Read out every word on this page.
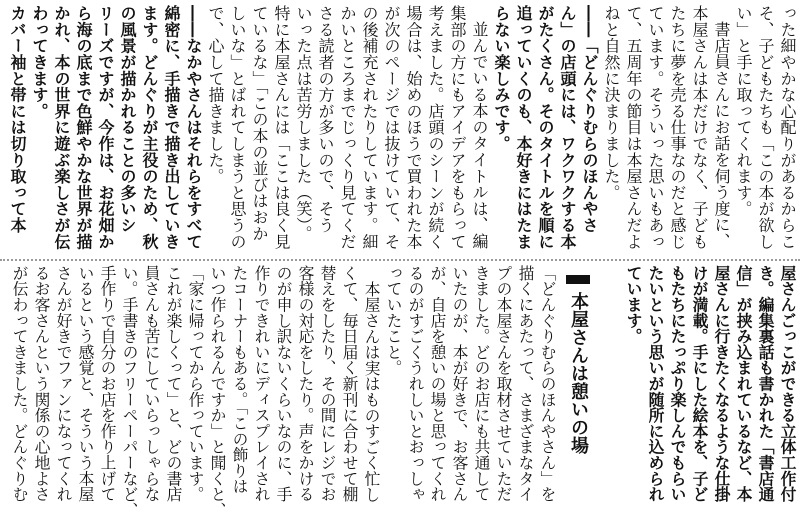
った細やかな心配りがあるからこ
そ、子どもたちも「この本が欲し
い」と手に取ってくれます。
書店員さんにお話を伺う度に、
本屋さんは本だけでなく、子ども
たちに夢を売る仕事なのだと感じ
ています。そういった思いもあっ
て、五周年の節目は本屋さんだよ
ねと自然に決まりました。
――「どんぐりむらのほんやさ
ん」の店頭には、ワクワクする本
がたくさん。そのタイトルを順に
追っていくのも、本好きにはたま
らない楽しみです。
並んでいる本のタイトルは、編
集部の方にもアイデアをもらって
考えました。店頭のシーンが続く
場合は、始めのほうで買われた本
が次のページでは抜けていて、そ
の後補充されたりしています。細
かいところまでじっくり見てくだ
さる読者の方が多いので、そう
いった点は苦労しました（笑）。
特に本屋さんには「ここは良く見
ているな」「この本の並びはおか
しいな」とばれてしまうと思うの
で、心して描きました。
――なかやさんはそれらをすべて
綿密に、手描きで描き出していき
ます。どんぐりが主役のため、秋
の風景が描かれることの多いシ
リーズですが、今作は、お花畑か
ら海の底まで色鮮やかな世界が描
かれ、本の世界に遊ぶ楽しさが伝
わってきます。
カバー袖と帯には切り取って本
屋さんごっこができる立体工作付
き。編集裏話も書かれた「書店通
信」が挟み込まれているなど、本
屋さんに行きたくなるような仕掛
けが満載。手にした絵本を、子ど
もたちにたっぷり楽しんでもらい
たいという思いが随所に込められ
ています。
本屋さんは憩いの場
「どんぐりむらのほんやさん」を
描くにあたって、さまざまなタイ
プの本屋さんを取材させていただ
きました。どのお店にも共通して
いたのが、本が好きで、お客さん
が、自店を憩いの場と思ってくれ
るのがすごくうれしいとおっしゃ
っていたこと。
本屋さんは実はものすごく忙し
くて、毎日届く新刊に合わせて棚
替えをしたり、その間にレジでお
客様の対応をしたり。声をかける
のが申し訳ないくらいなのに、手
作りできれいにディスプレイされ
たコーナーもある。「この飾りは
いつ作られるんですか」と聞くと、
「家に帰ってから作っています。
これが楽しくって」と、どの書店
員さんも苦にしていらっしゃらな
い。手書きのフリーペーパーなど、
手作りで自分のお店を作り上げて
いるという感覚と、そういう本屋
さんが好きでファンになってくれ
るお客さんという関係の心地よさ
が伝わってきました。どんぐりむ
